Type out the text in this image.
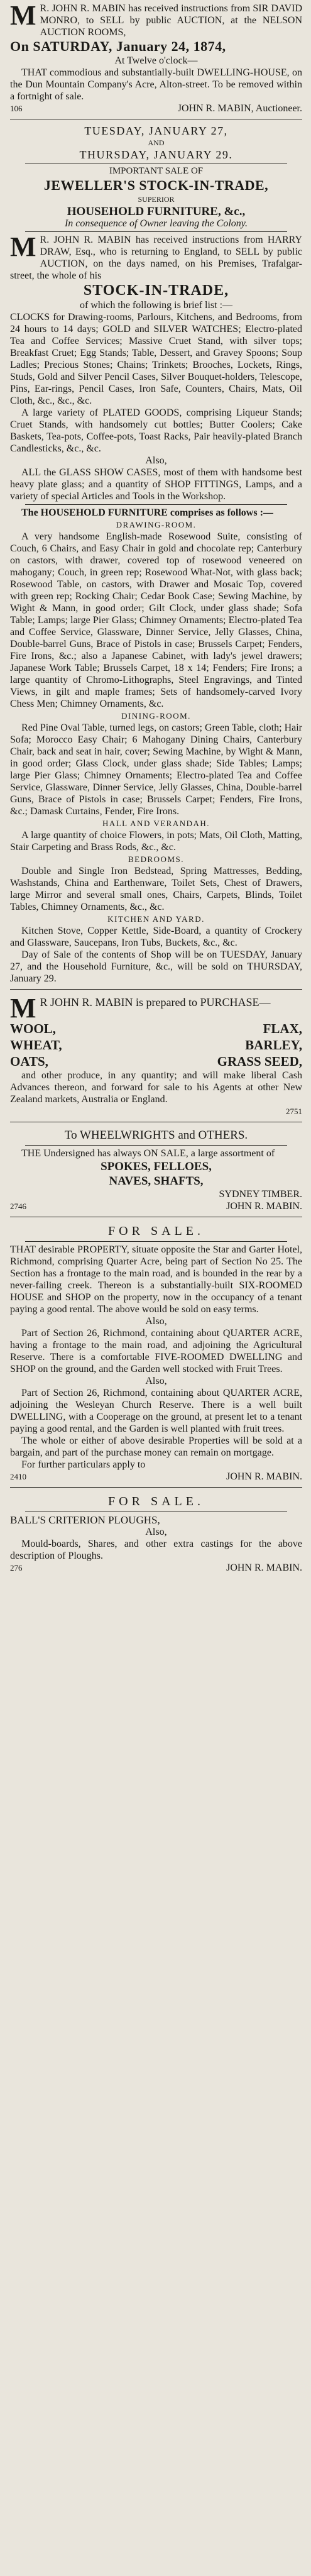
M R. JOHN R. MABIN has received instructions from SIR DAVID MONRO, to SELL by public AUCTION, at the NELSON AUCTION ROOMS,

On SATURDAY, January 24, 1874,

At Twelve o'clock—

THAT commodious and substantially-built DWELLING-HOUSE, on the Dun Mountain Company's Acre, Alton-street. To be removed within a fortnight of sale.

106	JOHN R. MABIN, Auctioneer.

TUESDAY, JANUARY 27,

AND

THURSDAY, JANUARY 29.

IMPORTANT SALE OF

JEWELLER'S STOCK-IN-TRADE,

SUPERIOR

HOUSEHOLD FURNITURE, &c.,

In consequence of Owner leaving the Colony.

M R. JOHN R. MABIN has received instructions from HARRY DRAW, Esq., who is returning to England, to SELL by public AUCTION, on the days named, on his Premises, Trafalgar-street, the whole of his

STOCK-IN-TRADE,

of which the following is brief list :—

CLOCKS for Drawing-rooms, Parlours, Kitchens, and Bedrooms, from 24 hours to 14 days; GOLD and SILVER WATCHES; Electro-plated Tea and Coffee Services; Massive Cruet Stand, with silver tops; Breakfast Cruet; Egg Stands; Table, Dessert, and Gravey Spoons; Soup Ladles; Precious Stones; Chains; Trinkets; Brooches, Lockets, Rings, Studs, Gold and Silver Pencil Cases, Silver Bouquet-holders, Telescope, Pins, Ear-rings, Pencil Cases, Iron Safe, Counters, Chairs, Mats, Oil Cloth, &c., &c., &c.

A large variety of PLATED GOODS, comprising Liqueur Stands; Cruet Stands, with handsomely cut bottles; Butter Coolers; Cake Baskets, Tea-pots, Coffee-pots, Toast Racks, Pair heavily-plated Branch Candlesticks, &c., &c.

Also,

ALL the GLASS SHOW CASES, most of them with handsome best heavy plate glass; and a quantity of SHOP FITTINGS, Lamps, and a variety of special Articles and Tools in the Workshop.

The HOUSEHOLD FURNITURE comprises as follows :—

DRAWING-ROOM.

A very handsome English-made Rosewood Suite, consisting of Couch, 6 Chairs, and Easy Chair in gold and chocolate rep; Canterbury on castors, with drawer, covered top of rosewood veneered on mahogany; Couch, in green rep; Rosewood What-Not, with glass back; Rosewood Table, on castors, with Drawer and Mosaic Top, covered with green rep; Rocking Chair; Cedar Book Case; Sewing Machine, by Wight & Mann, in good order; Gilt Clock, under glass shade; Sofa Table; Lamps; large Pier Glass; Chimney Ornaments; Electro-plated Tea and Coffee Service, Glassware, Dinner Service, Jelly Glasses, China, Double-barrel Guns, Brace of Pistols in case; Brussels Carpet; Fenders, Fire Irons, &c.; also a Japanese Cabinet, with lady's jewel drawers; Japanese Work Table; Brussels Carpet, 18 x 14; Fenders; Fire Irons; a large quantity of Chromo-Lithographs, Steel Engravings, and Tinted Views, in gilt and maple frames; Sets of handsomely-carved Ivory Chess Men; Chimney Ornaments, &c.

DINING-ROOM.

Red Pine Oval Table, turned legs, on castors; Green Table, cloth; Hair Sofa; Morocco Easy Chair; 6 Mahogany Dining Chairs, Canterbury Chair, back and seat in hair, cover; Sewing Machine, by Wight & Mann, in good order; Glass Clock, under glass shade; Side Tables; Lamps; large Pier Glass; Chimney Ornaments; Electro-plated Tea and Coffee Service, Glassware, Dinner Service, Jelly Glasses, China, Double-barrel Guns, Brace of Pistols in case; Brussels Carpet; Fenders, Fire Irons, &c.; Damask Curtains, Fender, Fire Irons.

HALL AND VERANDAH.

A large quantity of choice Flowers, in pots; Mats, Oil Cloth, Matting, Stair Carpeting and Brass Rods, &c., &c.

BEDROOMS.

Double and Single Iron Bedstead, Spring Mattresses, Bedding, Washstands, China and Earthenware, Toilet Sets, Chest of Drawers, large Mirror and several small ones, Chairs, Carpets, Blinds, Toilet Tables, Chimney Ornaments, &c., &c.

KITCHEN AND YARD.

Kitchen Stove, Copper Kettle, Side-Board, a quantity of Crockery and Glassware, Saucepans, Iron Tubs, Buckets, &c., &c.

Day of Sale of the contents of Shop will be on TUESDAY, January 27, and the Household Furniture, &c., will be sold on THURSDAY, January 29.

M R JOHN R. MABIN is prepared to PURCHASE—

WOOL,	FLAX,
WHEAT,	BARLEY,
OATS,	GRASS SEED,

and other produce, in any quantity; and will make liberal Cash Advances thereon, and forward for sale to his Agents at other New Zealand markets, Australia or England.

2751

To WHEELWRIGHTS and OTHERS.

THE Undersigned has always ON SALE, a large assortment of

SPOKES, FELLOES,

NAVES, SHAFTS,

SYDNEY TIMBER.

2746	JOHN R. MABIN.

FOR SALE.

THAT desirable PROPERTY, situate opposite the Star and Garter Hotel, Richmond, comprising Quarter Acre, being part of Section No 25. The Section has a frontage to the main road, and is bounded in the rear by a never-failing creek. Thereon is a substantially-built SIX-ROOMED HOUSE and SHOP on the property, now in the occupancy of a tenant paying a good rental. The above would be sold on easy terms.

Also,

Part of Section 26, Richmond, containing about QUARTER ACRE, having a frontage to the main road, and adjoining the Agricultural Reserve. There is a comfortable FIVE-ROOMED DWELLING and SHOP on the ground, and the Garden well stocked with Fruit Trees.

Also,

Part of Section 26, Richmond, containing about QUARTER ACRE, adjoining the Wesleyan Church Reserve. There is a well built DWELLING, with a Cooperage on the ground, at present let to a tenant paying a good rental, and the Garden is well planted with fruit trees.

The whole or either of above desirable Properties will be sold at a bargain, and part of the purchase money can remain on mortgage.

For further particulars apply to

2410	JOHN R. MABIN.

FOR SALE.

BALL'S CRITERION PLOUGHS,

Also,

Mould-boards, Shares, and other extra castings for the above description of Ploughs.

276	JOHN R. MABIN.
